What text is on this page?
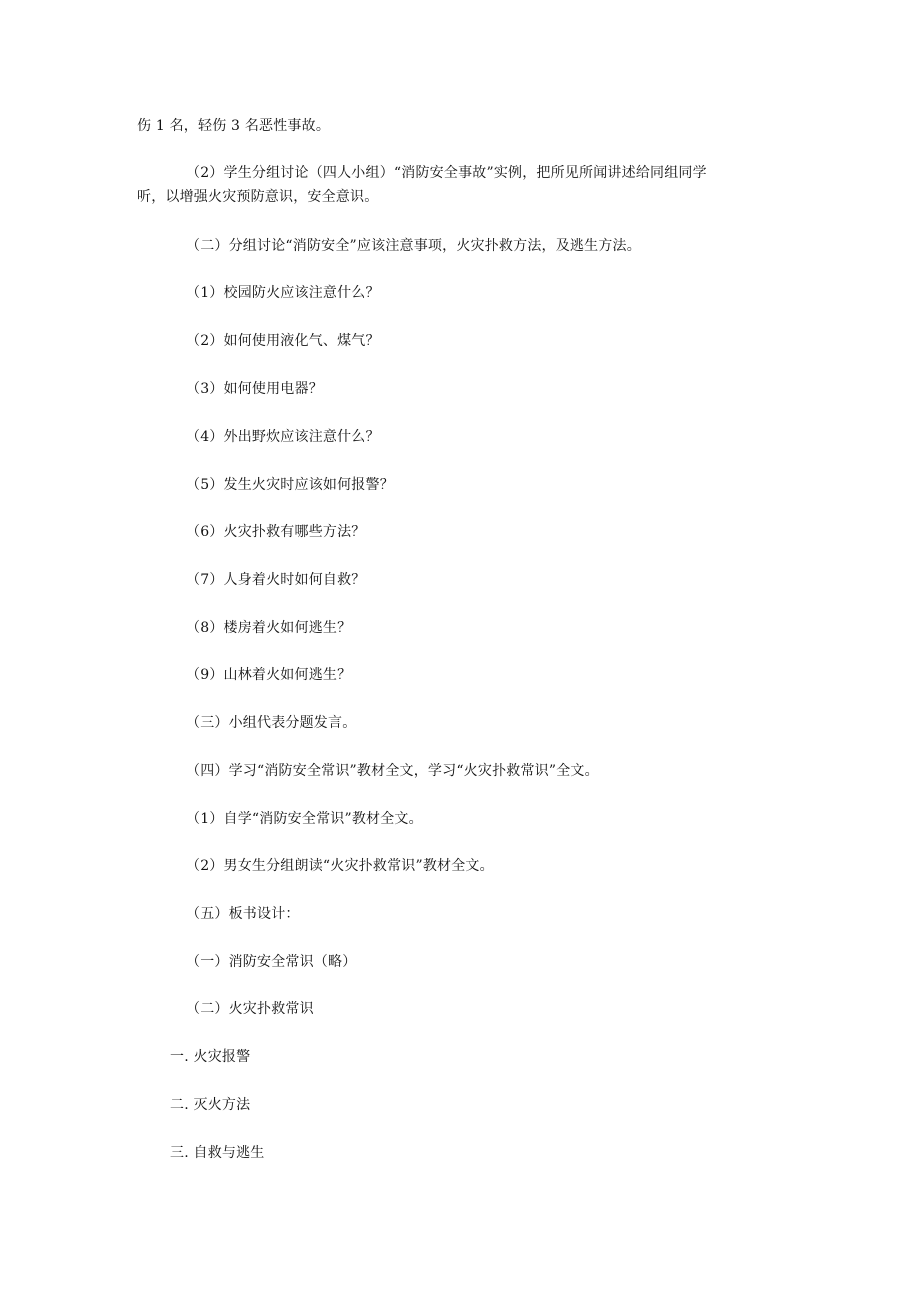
伤 1 名，轻伤 3 名恶性事故。
（2）学生分组讨论（四人小组）“消防安全事故”实例，把所见所闻讲述给同组同学
听，以增强火灾预防意识，安全意识。
（二）分组讨论“消防安全”应该注意事项，火灾扑救方法，及逃生方法。
（1）校园防火应该注意什么？
（2）如何使用液化气、煤气？
（3）如何使用电器？
（4）外出野炊应该注意什么？
（5）发生火灾时应该如何报警？
（6）火灾扑救有哪些方法？
（7）人身着火时如何自救？
（8）楼房着火如何逃生？
（9）山林着火如何逃生？
（三）小组代表分题发言。
（四）学习“消防安全常识”教材全文，学习“火灾扑救常识”全文。
（1）自学“消防安全常识”教材全文。
（2）男女生分组朗读“火灾扑救常识”教材全文。
（五）板书设计：
（一）消防安全常识（略）
（二）火灾扑救常识
一. 火灾报警
二. 灭火方法
三. 自救与逃生
